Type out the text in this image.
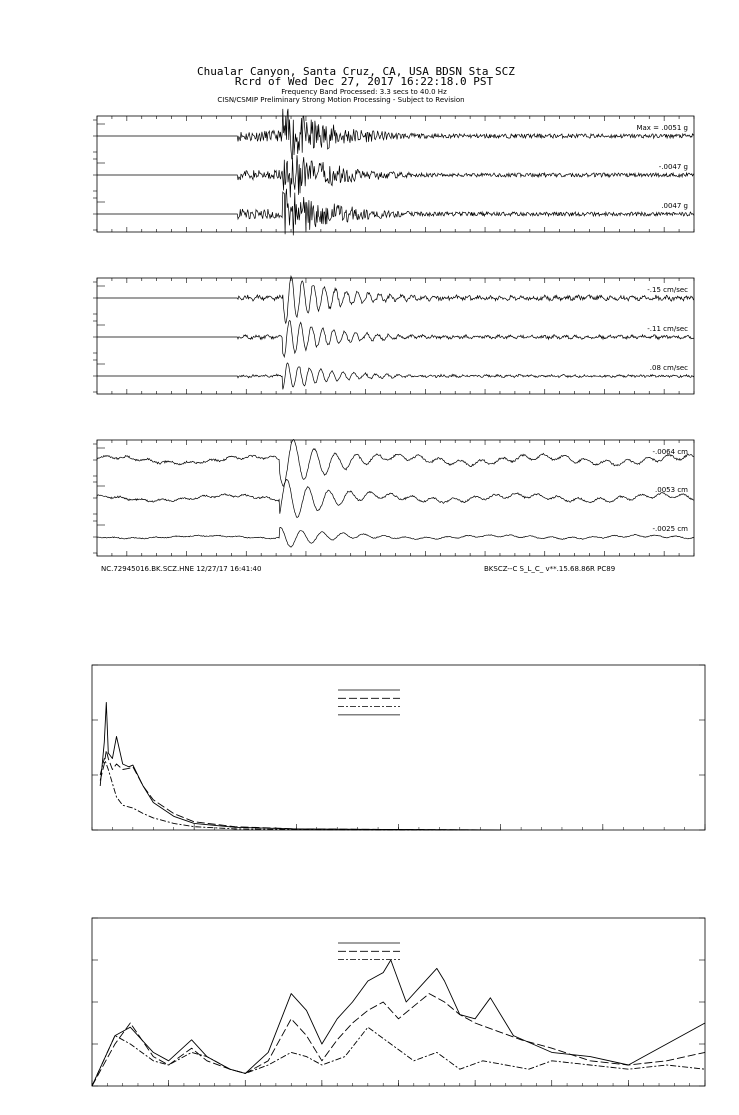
Chualar Canyon, Santa Cruz, CA, USA BDSN Sta SCZ
Rcrd of Wed Dec 27, 2017 16:22:18.0 PST
Frequency Band Processed: 3.3 secs to 40.0 Hz
CISN/CSMIP Preliminary Strong Motion Processing - Subject to Revision
Max = .0051 g
-.0047 g
.0047 g
-.15 cm/sec
-.11 cm/sec
.08 cm/sec
-.0064 cm
.0053 cm
-.0025 cm
NC.72945016.BK.SCZ.HNE 12/27/17 16:41:40	BKSCZ--C S_L_C_ v**.15.68.86R PC89
